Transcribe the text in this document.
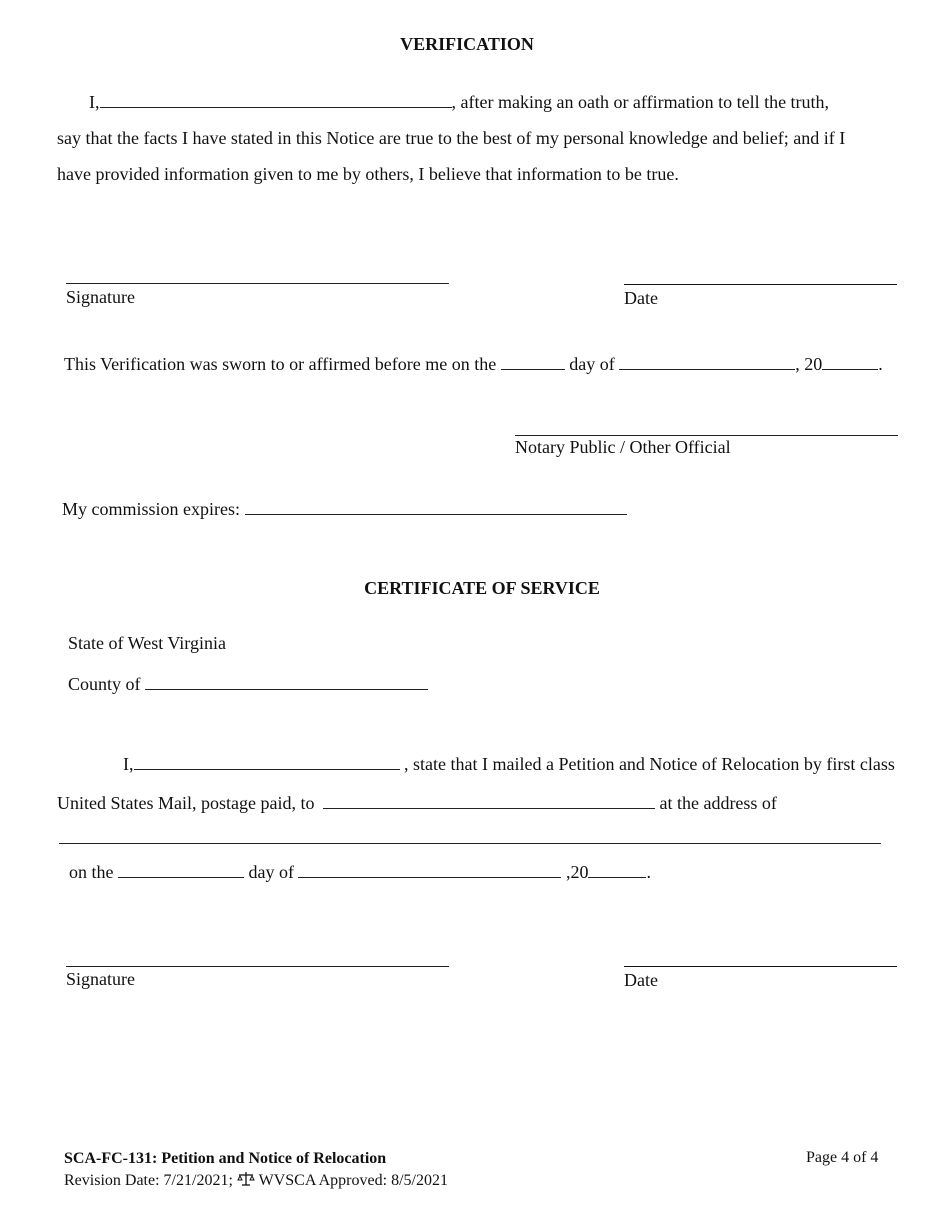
VERIFICATION
I,	, after making an oath or affirmation to tell the truth,
say that the facts I have stated in this Notice are true to the best of my personal knowledge and belief; and if I
have provided information given to me by others, I believe that information to be true.
Signature	Date
This Verification was sworn to or affirmed before me on the	day of	, 20	.
Notary Public / Other Official
My commission expires:
CERTIFICATE OF SERVICE
State of West Virginia
County of
I,	, state that I mailed a Petition and Notice of Relocation by first class
United States Mail, postage paid, to	at the address of
on the	day of	,20	.
Signature	Date
SCA-FC-131: Petition and Notice of Relocation
Revision Date: 7/21/2021; WVSCA Approved: 8/5/2021
Page 4 of 4
